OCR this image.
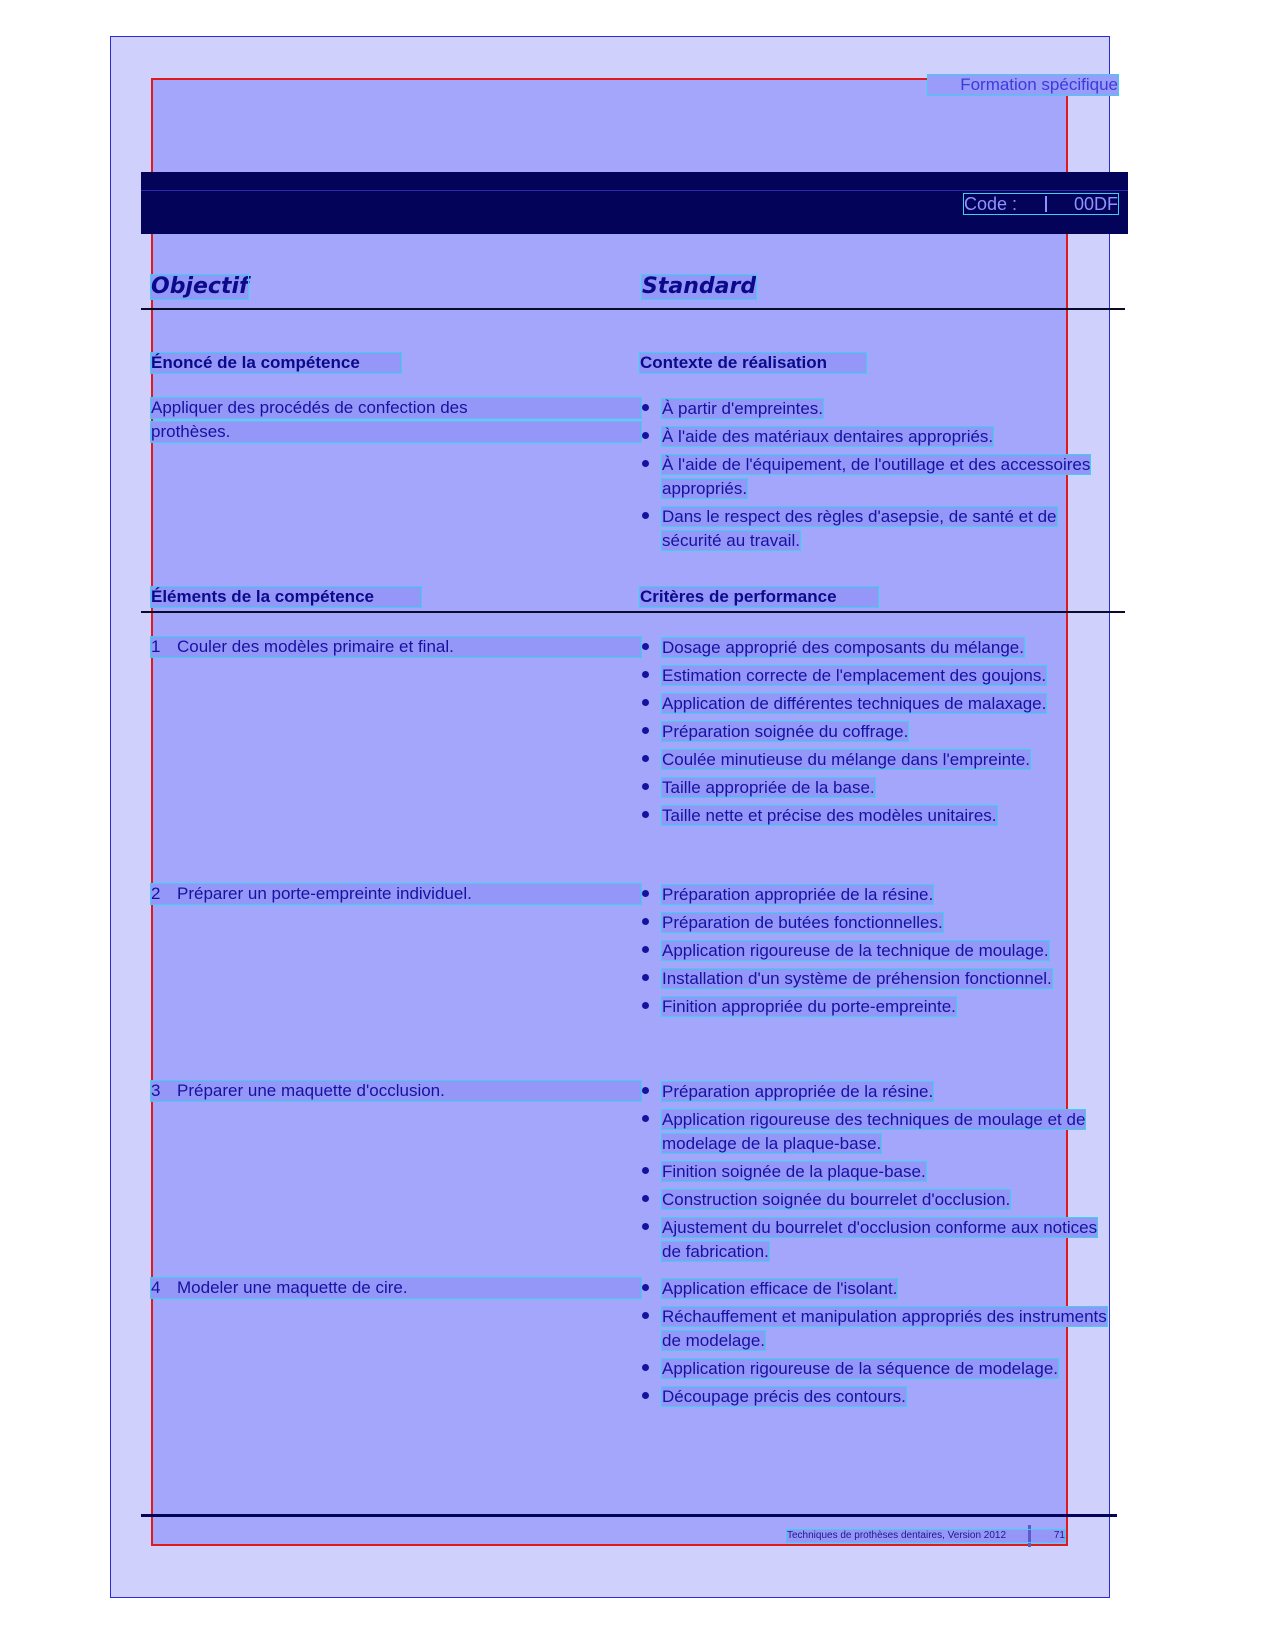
Formation spécifique
Code :	00DF
Objectif	Standard
Énoncé de la compétence	Contexte de réalisation
Appliquer des procédés de confection des
prothèses.
À partir d'empreintes.
À l'aide des matériaux dentaires appropriés.
À l'aide de l'équipement, de l'outillage et des accessoires appropriés.
Dans le respect des règles d'asepsie, de santé et de sécurité au travail.
Éléments de la compétence	Critères de performance
1 Couler des modèles primaire et final.	Dosage approprié des composants du mélange.
Estimation correcte de l'emplacement des goujons.
Application de différentes techniques de malaxage.
Préparation soignée du coffrage.
Coulée minutieuse du mélange dans l'empreinte.
Taille appropriée de la base.
Taille nette et précise des modèles unitaires.
2 Préparer un porte-empreinte individuel.	Préparation appropriée de la résine.
Préparation de butées fonctionnelles.
Application rigoureuse de la technique de moulage.
Installation d'un système de préhension fonctionnel.
Finition appropriée du porte-empreinte.
3 Préparer une maquette d'occlusion.	Préparation appropriée de la résine.
Application rigoureuse des techniques de moulage et de modelage de la plaque-base.
Finition soignée de la plaque-base.
Construction soignée du bourrelet d'occlusion.
Ajustement du bourrelet d'occlusion conforme aux notices de fabrication.
4 Modeler une maquette de cire.	Application efficace de l'isolant.
Réchauffement et manipulation appropriés des instruments de modelage.
Application rigoureuse de la séquence de modelage.
Découpage précis des contours.
Techniques de prothèses dentaires, Version 2012	71
